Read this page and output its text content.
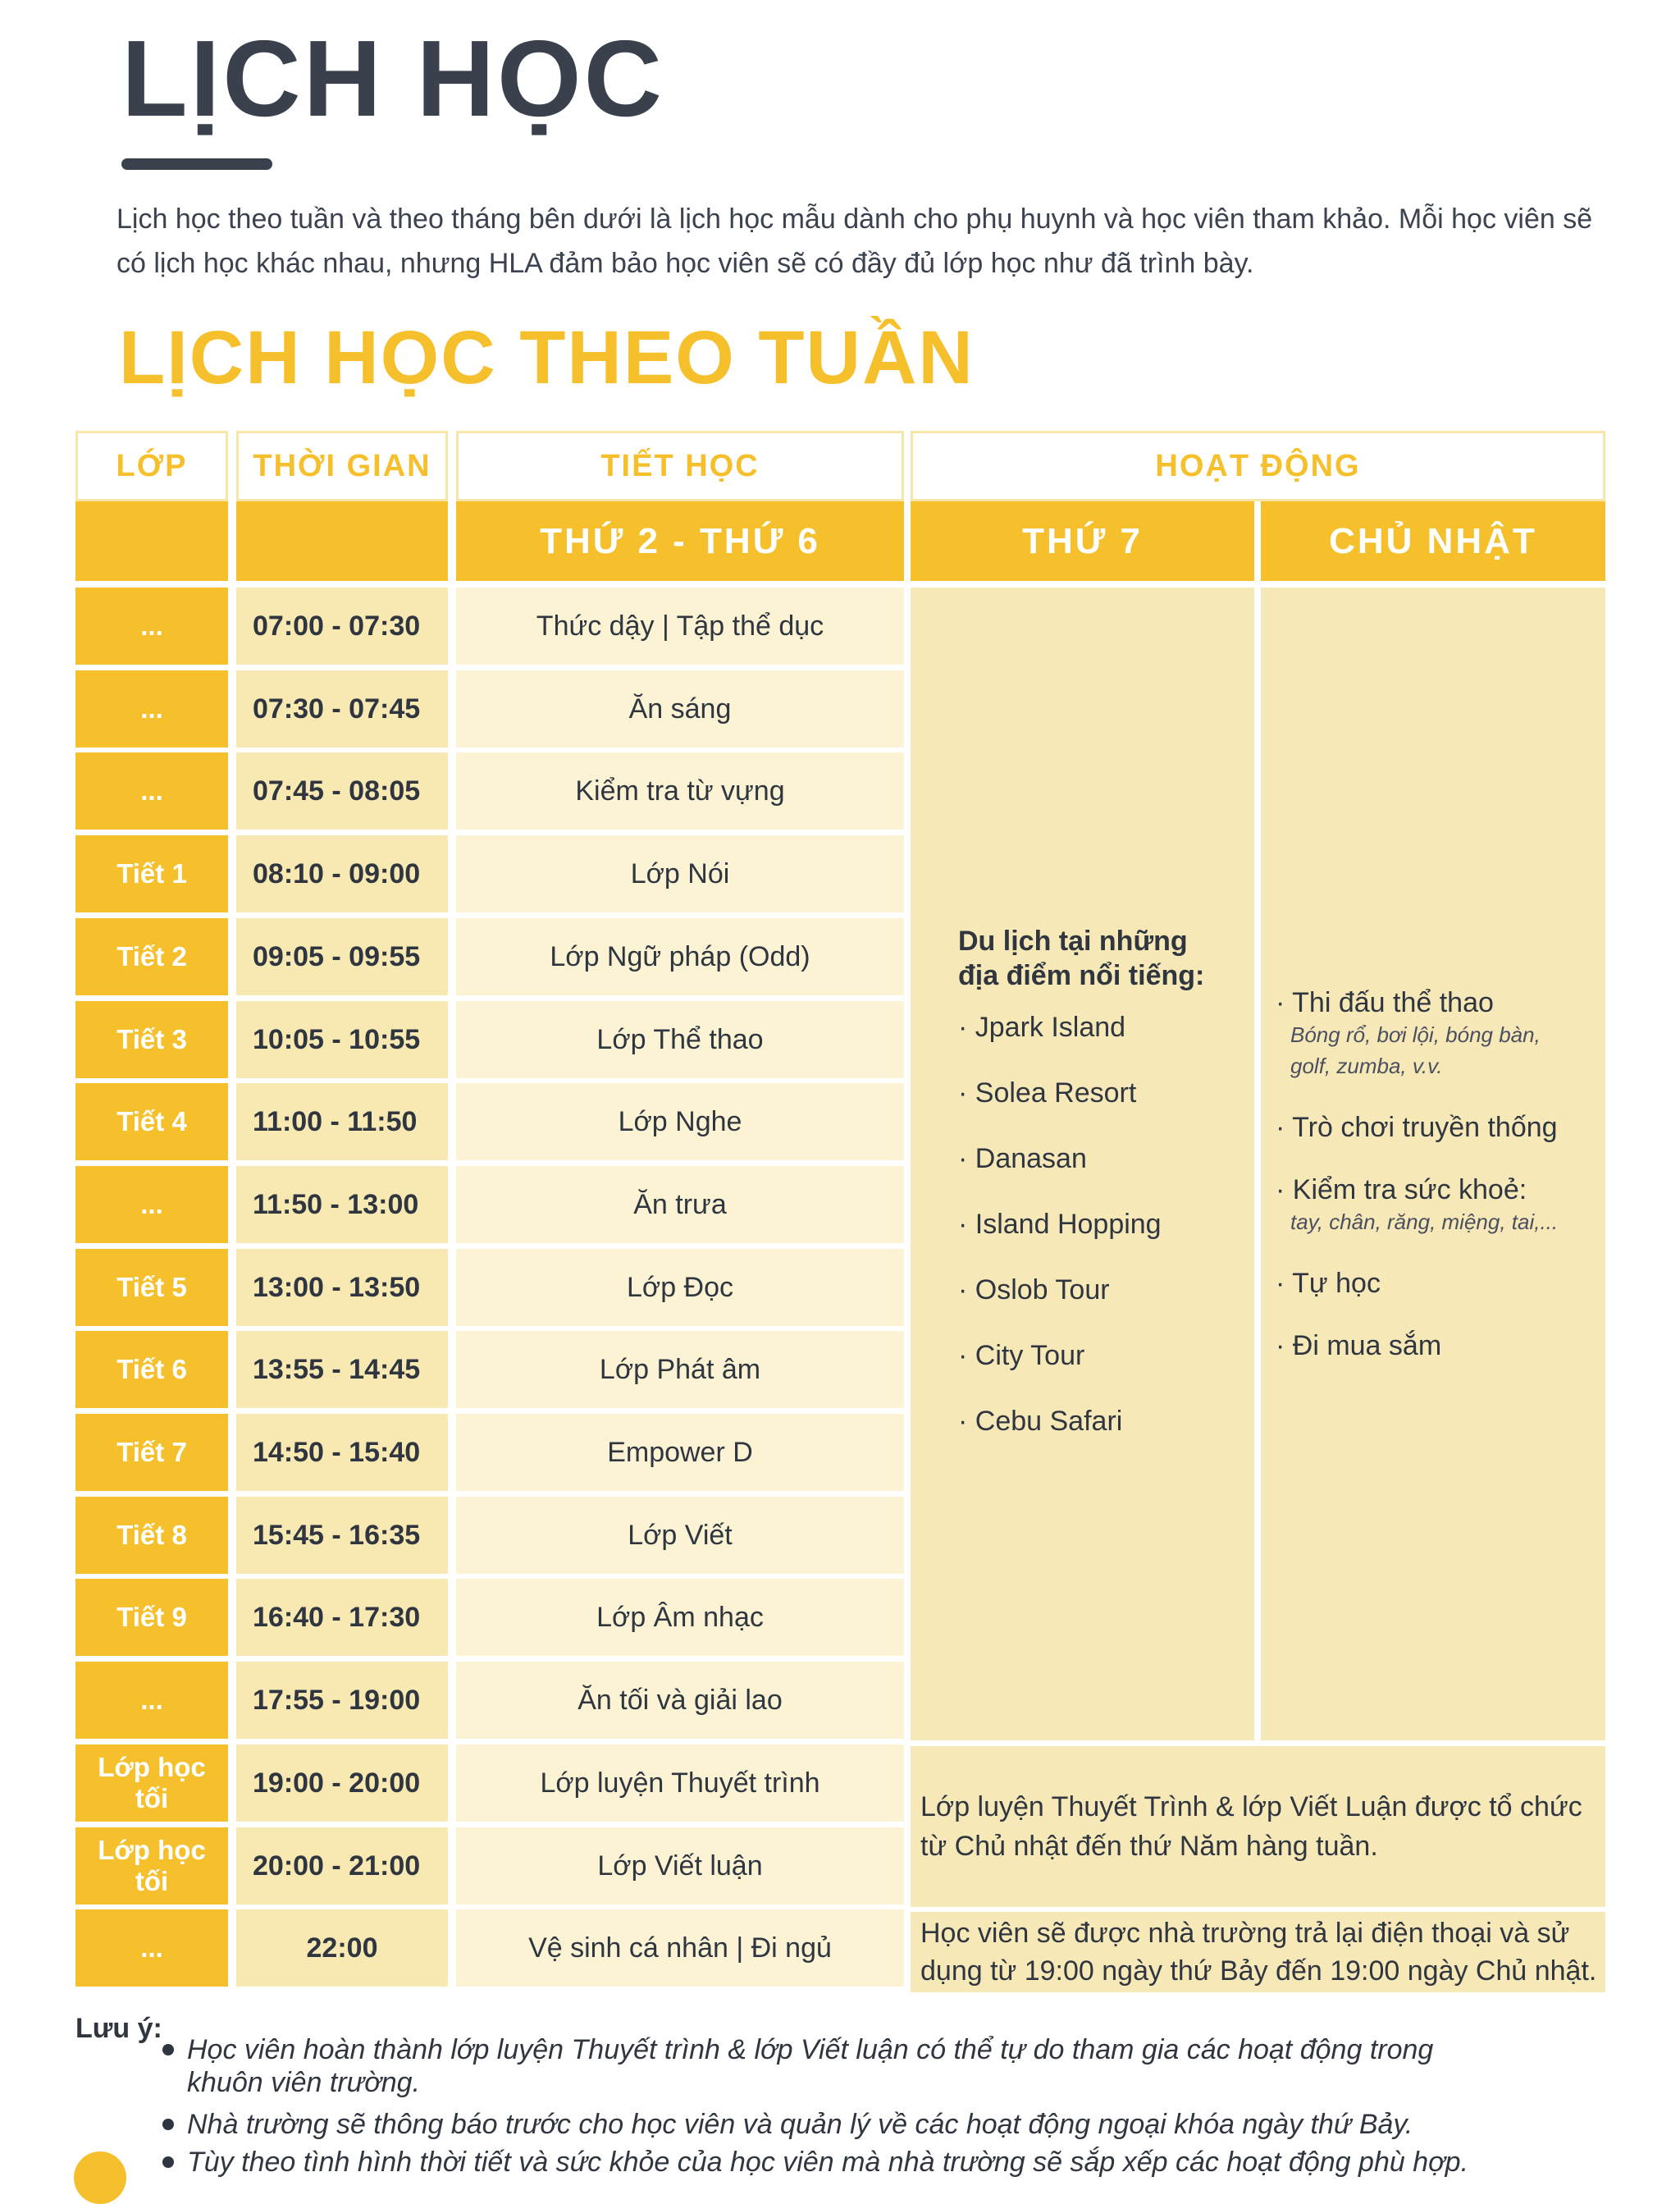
LỊCH HỌC

Lịch học theo tuần và theo tháng bên dưới là lịch học mẫu dành cho phụ huynh và học viên tham khảo. Mỗi học viên sẽ có lịch học khác nhau, nhưng HLA đảm bảo học viên sẽ có đầy đủ lớp học như đã trình bày.

LỊCH HỌC THEO TUẦN
LỚP	THỜI GIAN	TIẾT HỌC	HOẠT ĐỘNG
THỨ 2 - THỨ 6	THỨ 7	CHỦ NHẬT
...	07:00 - 07:30	Thức dậy | Tập thể dục
...	07:30 - 07:45	Ăn sáng
...	07:45 - 08:05	Kiểm tra từ vựng
Tiết 1	08:10 - 09:00	Lớp Nói
Tiết 2	09:05 - 09:55	Lớp Ngữ pháp (Odd)
Tiết 3	10:05 - 10:55	Lớp Thể thao
Tiết 4	11:00 - 11:50	Lớp Nghe
...	11:50 - 13:00	Ăn trưa
Tiết 5	13:00 - 13:50	Lớp Đọc
Tiết 6	13:55 - 14:45	Lớp Phát âm
Tiết 7	14:50 - 15:40	Empower D
Tiết 8	15:45 - 16:35	Lớp Viết
Tiết 9	16:40 - 17:30	Lớp Âm nhạc
...	17:55 - 19:00	Ăn tối và giải lao
Lớp học tối	19:00 - 20:00	Lớp luyện Thuyết trình
Lớp học tối	20:00 - 21:00	Lớp Viết luận
...	22:00	Vệ sinh cá nhân | Đi ngủ
Du lịch tại những địa điểm nổi tiếng:
· Jpark Island
· Solea Resort
· Danasan
· Island Hopping
· Oslob Tour
· City Tour
· Cebu Safari
· Thi đấu thể thao
Bóng rổ, bơi lội, bóng bàn, golf, zumba, v.v.
· Trò chơi truyền thống
· Kiểm tra sức khoẻ:
tay, chân, răng, miệng, tai,...
· Tự học
· Đi mua sắm
Lớp luyện Thuyết Trình & lớp Viết Luận được tổ chức từ Chủ nhật đến thứ Năm hàng tuần.
Học viên sẽ được nhà trường trả lại điện thoại và sử dụng từ 19:00 ngày thứ Bảy đến 19:00 ngày Chủ nhật.
Lưu ý:
Học viên hoàn thành lớp luyện Thuyết trình & lớp Viết luận có thể tự do tham gia các hoạt động trong
khuôn viên trường.
Nhà trường sẽ thông báo trước cho học viên và quản lý về các hoạt động ngoại khóa ngày thứ Bảy.
Tùy theo tình hình thời tiết và sức khỏe của học viên mà nhà trường sẽ sắp xếp các hoạt động phù hợp.
